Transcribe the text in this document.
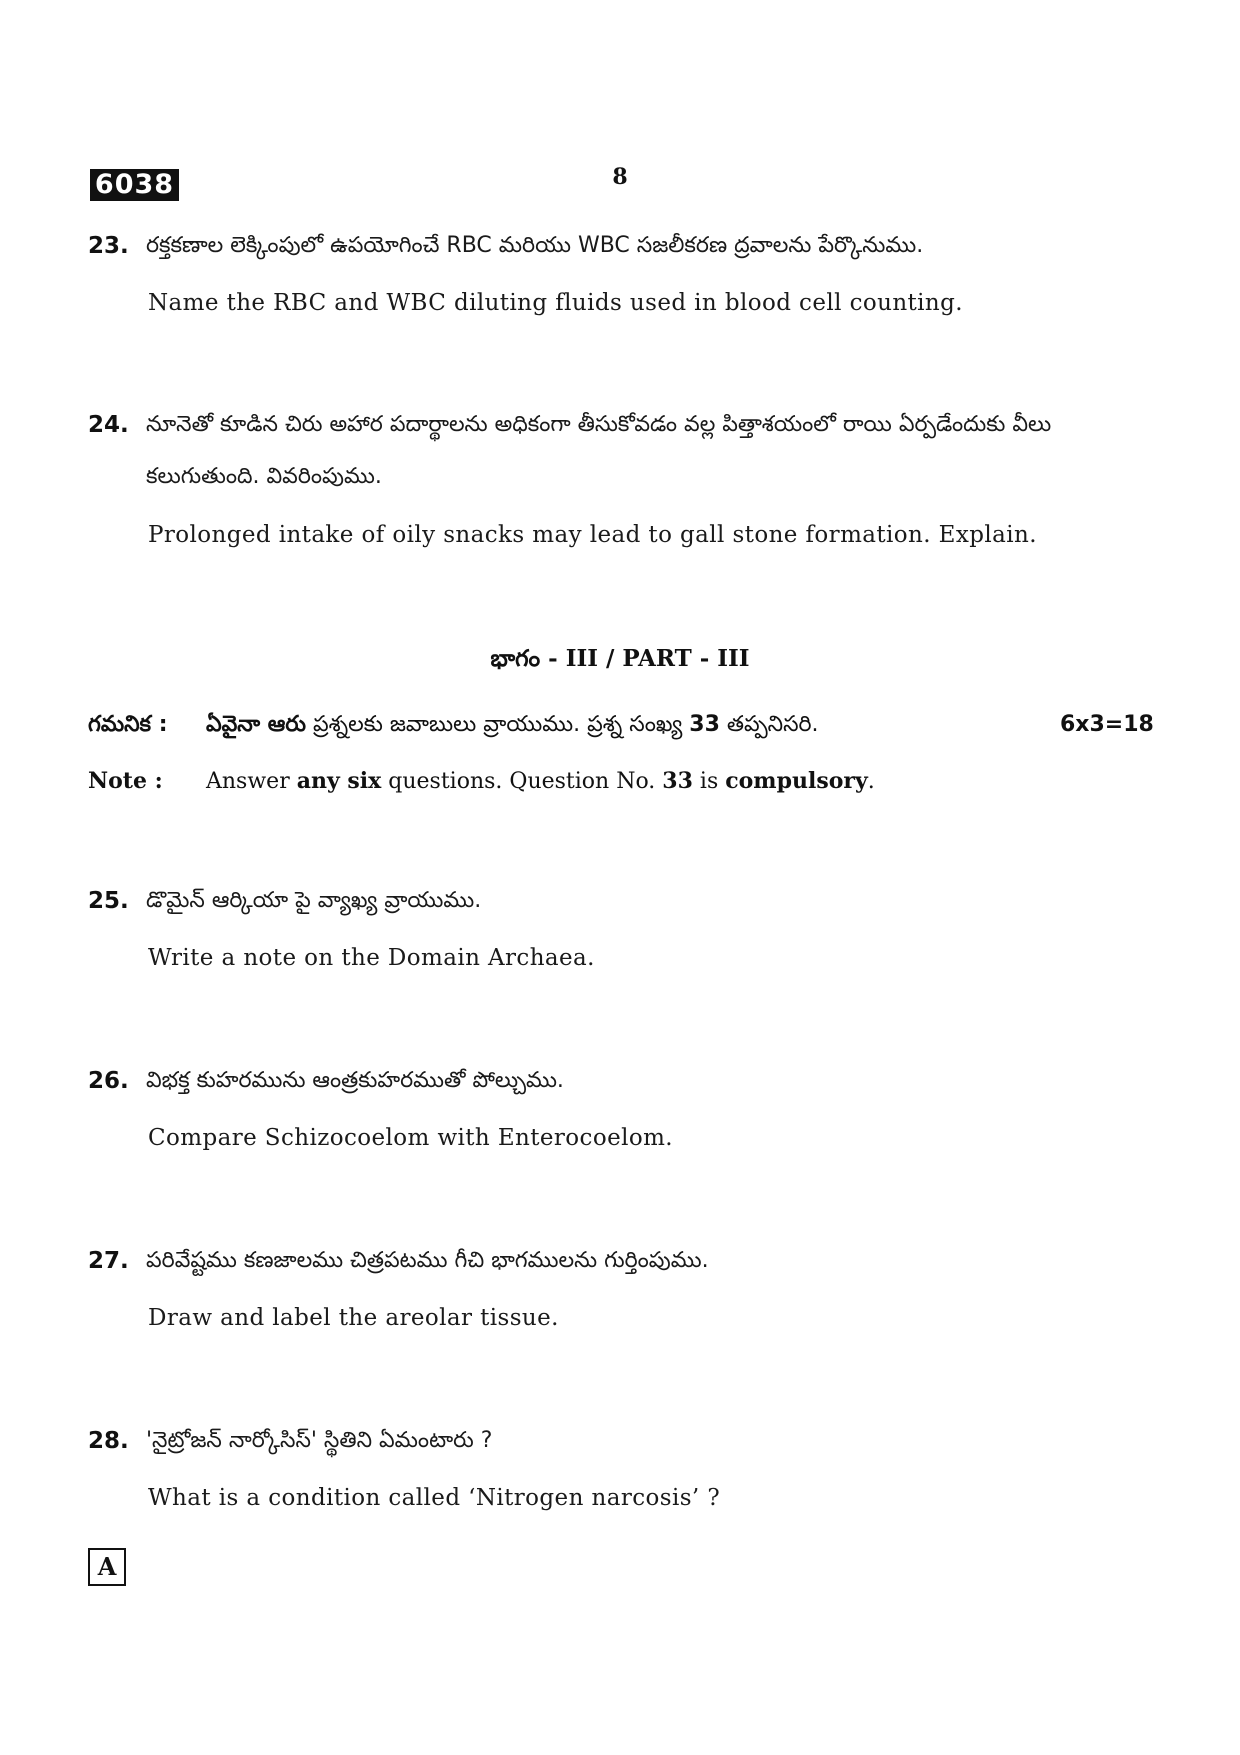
6038	8
23. రక్తకణాల లెక్కింపులో ఉపయోగించే RBC మరియు WBC సజలీకరణ ద్రవాలను పేర్కొనుము.
Name the RBC and WBC diluting fluids used in blood cell counting.
24. నూనెతో కూడిన చిరు అహార పదార్థాలను అధికంగా తీసుకోవడం వల్ల పిత్తాశయంలో రాయి ఏర్పడేందుకు వీలు
కలుగుతుంది. వివరింపుము.
Prolonged intake of oily snacks may lead to gall stone formation. Explain.
భాగం - III / PART - III
గమనిక : ఏవైనా ఆరు ప్రశ్నలకు జవాబులు వ్రాయుము. ప్రశ్న సంఖ్య 33 తప్పనిసరి.	6x3=18
Note : Answer any six questions. Question No. 33 is compulsory.
25. డొమైన్ ఆర్కియా పై వ్యాఖ్య వ్రాయుము.
Write a note on the Domain Archaea.
26. విభక్త కుహరమును ఆంత్రకుహరముతో పోల్చుము.
Compare Schizocoelom with Enterocoelom.
27. పరివేష్టము కణజాలము చిత్రపటము గీచి భాగములను గుర్తింపుము.
Draw and label the areolar tissue.
28. 'నైట్రోజన్ నార్కోసిస్' స్థితిని ఏమంటారు ?
What is a condition called ‘Nitrogen narcosis’ ?
A
